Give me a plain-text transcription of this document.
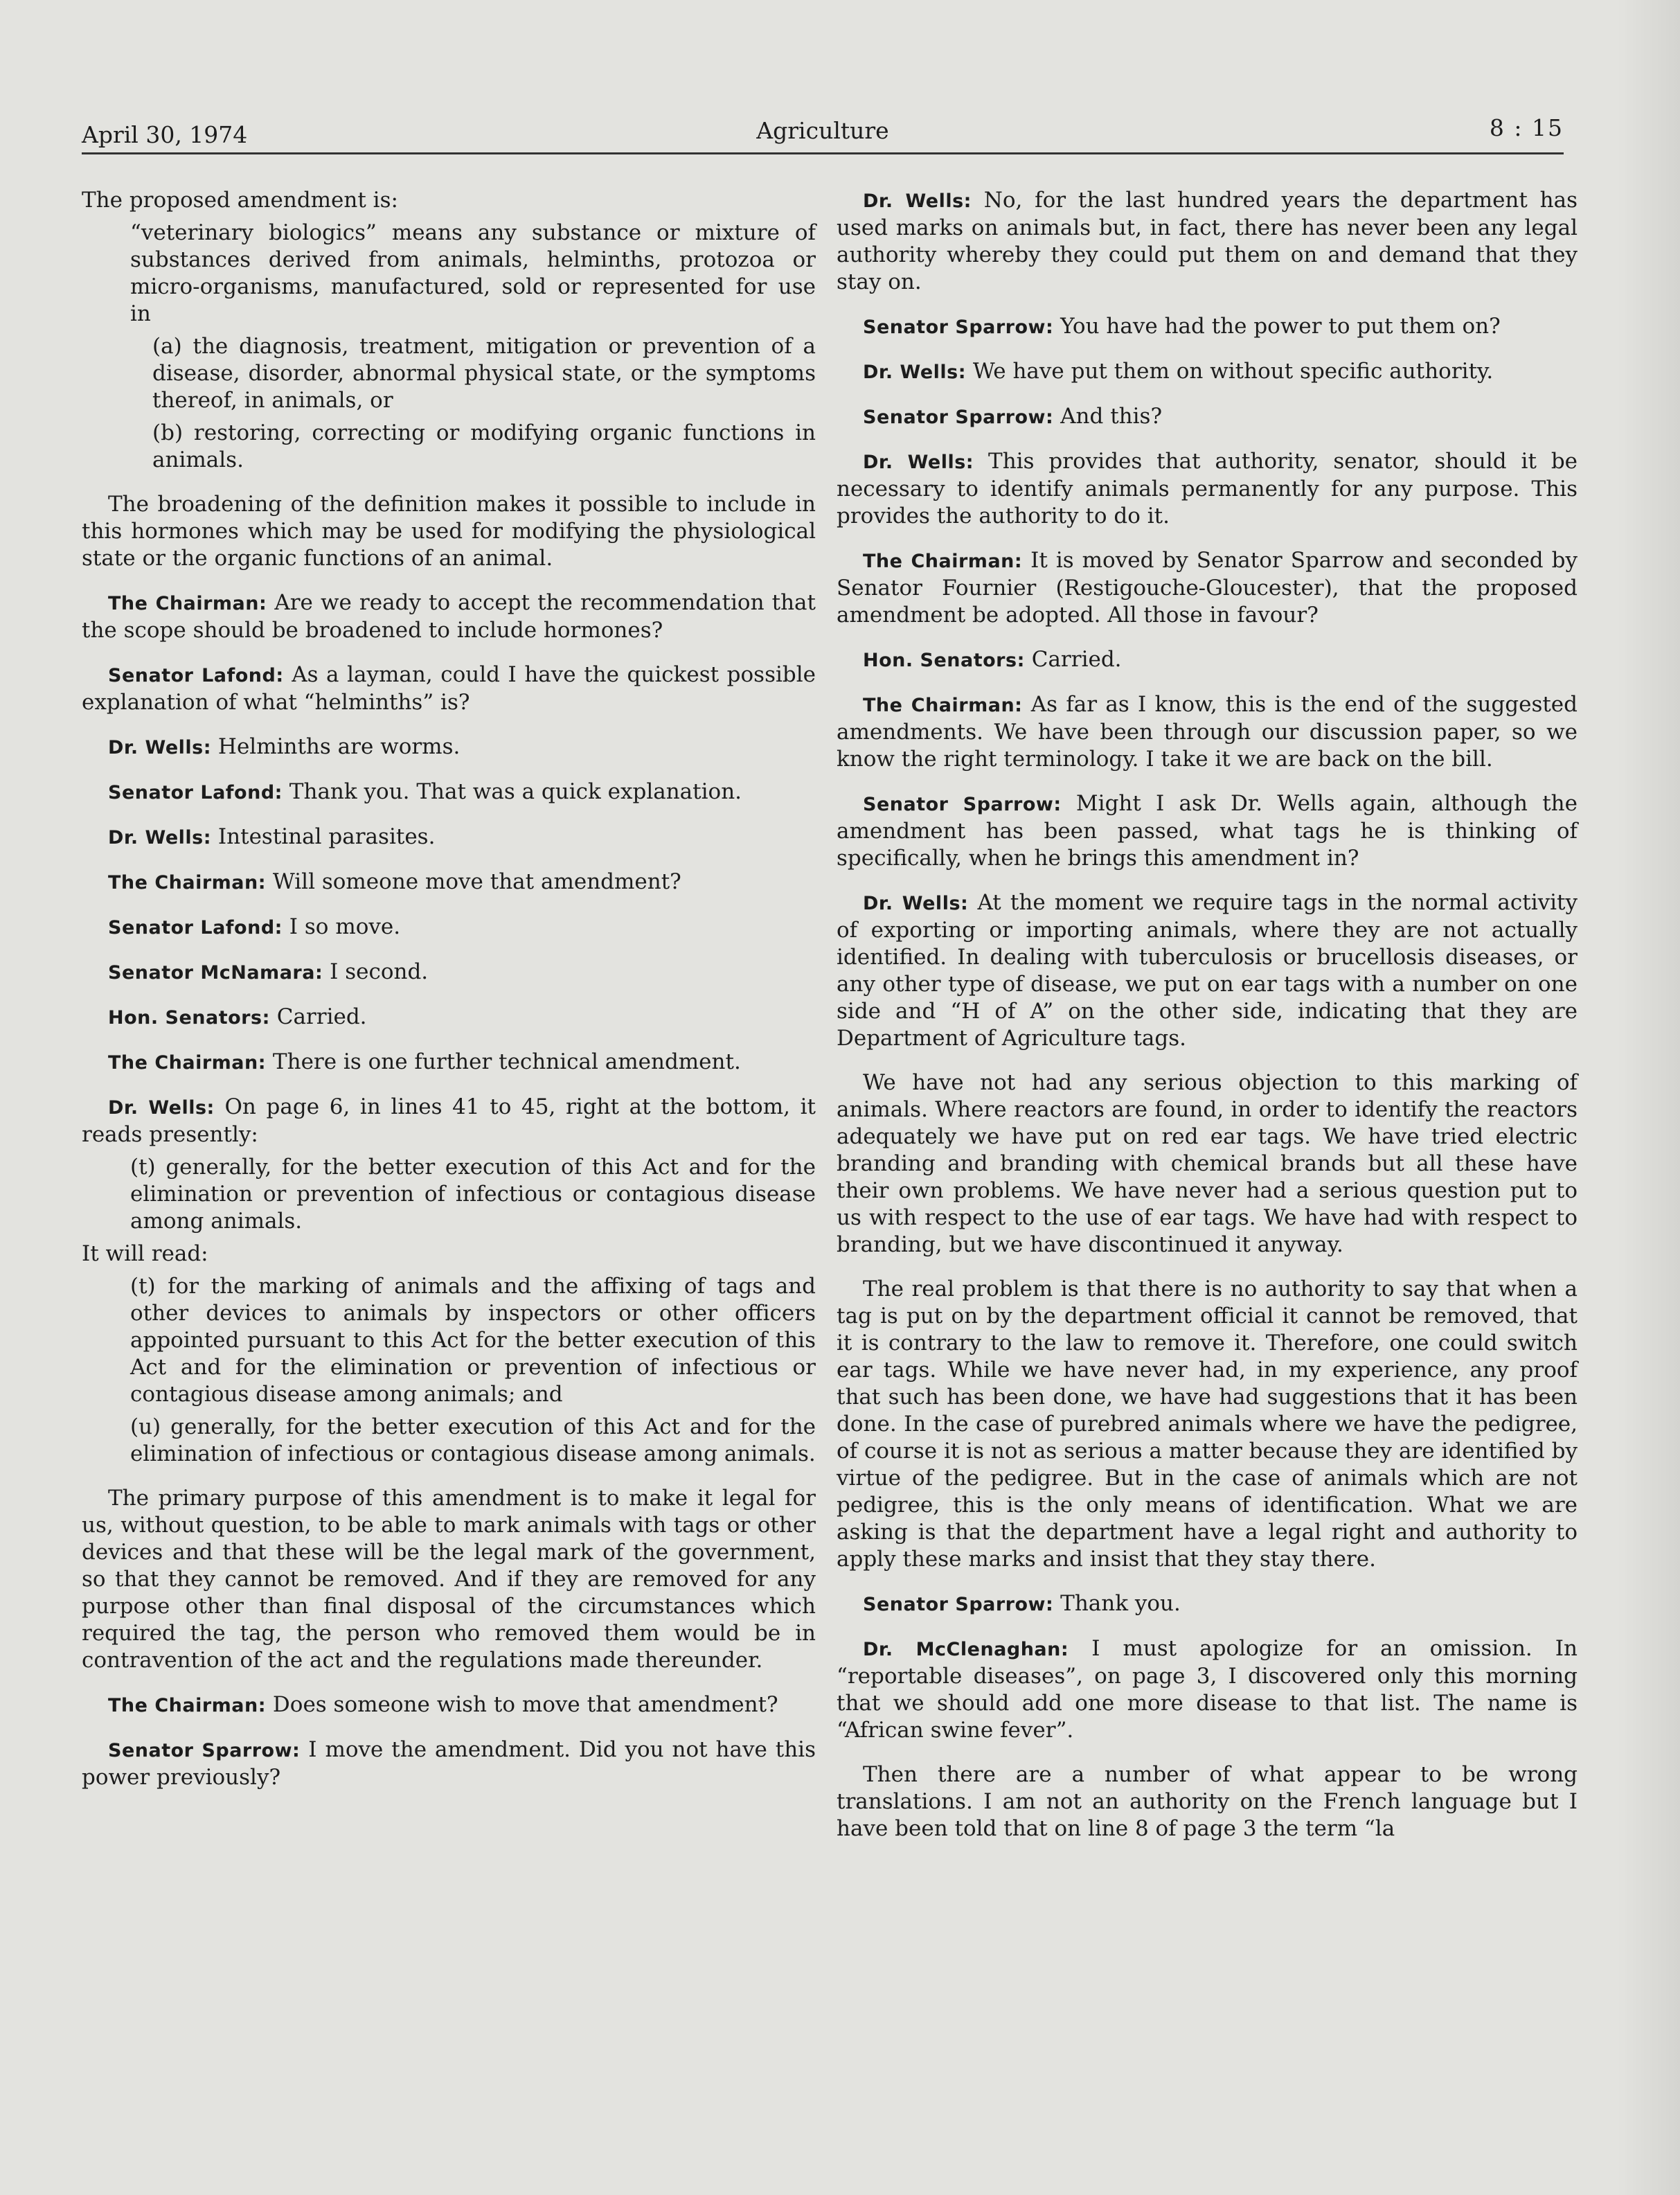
April 30, 1974	Agriculture	8 : 15

The proposed amendment is:

“veterinary biologics” means any substance or mixture of substances derived from animals, helminths, protozoa or micro-organisms, manufactured, sold or represented for use in

(a) the diagnosis, treatment, mitigation or prevention of a disease, disorder, abnormal physical state, or the symptoms thereof, in animals, or

(b) restoring, correcting or modifying organic functions in animals.

The broadening of the definition makes it possible to include in this hormones which may be used for modifying the physiological state or the organic functions of an animal.

The Chairman: Are we ready to accept the recommendation that the scope should be broadened to include hormones?

Senator Lafond: As a layman, could I have the quickest possible explanation of what “helminths” is?

Dr. Wells: Helminths are worms.

Senator Lafond: Thank you. That was a quick explanation.

Dr. Wells: Intestinal parasites.

The Chairman: Will someone move that amendment?

Senator Lafond: I so move.

Senator McNamara: I second.

Hon. Senators: Carried.

The Chairman: There is one further technical amendment.

Dr. Wells: On page 6, in lines 41 to 45, right at the bottom, it reads presently:

(t) generally, for the better execution of this Act and for the elimination or prevention of infectious or contagious disease among animals.

It will read:

(t) for the marking of animals and the affixing of tags and other devices to animals by inspectors or other officers appointed pursuant to this Act for the better execution of this Act and for the elimination or prevention of infectious or contagious disease among animals; and

(u) generally, for the better execution of this Act and for the elimination of infectious or contagious disease among animals.

The primary purpose of this amendment is to make it legal for us, without question, to be able to mark animals with tags or other devices and that these will be the legal mark of the government, so that they cannot be removed. And if they are removed for any purpose other than final disposal of the circumstances which required the tag, the person who removed them would be in contravention of the act and the regulations made thereunder.

The Chairman: Does someone wish to move that amendment?

Senator Sparrow: I move the amendment. Did you not have this power previously?

Dr. Wells: No, for the last hundred years the department has used marks on animals but, in fact, there has never been any legal authority whereby they could put them on and demand that they stay on.

Senator Sparrow: You have had the power to put them on?

Dr. Wells: We have put them on without specific authority.

Senator Sparrow: And this?

Dr. Wells: This provides that authority, senator, should it be necessary to identify animals permanently for any purpose. This provides the authority to do it.

The Chairman: It is moved by Senator Sparrow and seconded by Senator Fournier (Restigouche-Gloucester), that the proposed amendment be adopted. All those in favour?

Hon. Senators: Carried.

The Chairman: As far as I know, this is the end of the suggested amendments. We have been through our discussion paper, so we know the right terminology. I take it we are back on the bill.

Senator Sparrow: Might I ask Dr. Wells again, although the amendment has been passed, what tags he is thinking of specifically, when he brings this amendment in?

Dr. Wells: At the moment we require tags in the normal activity of exporting or importing animals, where they are not actually identified. In dealing with tuberculosis or brucellosis diseases, or any other type of disease, we put on ear tags with a number on one side and “H of A” on the other side, indicating that they are Department of Agriculture tags.

We have not had any serious objection to this marking of animals. Where reactors are found, in order to identify the reactors adequately we have put on red ear tags. We have tried electric branding and branding with chemical brands but all these have their own problems. We have never had a serious question put to us with respect to the use of ear tags. We have had with respect to branding, but we have discontinued it anyway.

The real problem is that there is no authority to say that when a tag is put on by the department official it cannot be removed, that it is contrary to the law to remove it. Therefore, one could switch ear tags. While we have never had, in my experience, any proof that such has been done, we have had suggestions that it has been done. In the case of purebred animals where we have the pedigree, of course it is not as serious a matter because they are identified by virtue of the pedigree. But in the case of animals which are not pedigree, this is the only means of identification. What we are asking is that the department have a legal right and authority to apply these marks and insist that they stay there.

Senator Sparrow: Thank you.

Dr. McClenaghan: I must apologize for an omission. In “reportable diseases”, on page 3, I discovered only this morning that we should add one more disease to that list. The name is “African swine fever”.

Then there are a number of what appear to be wrong translations. I am not an authority on the French language but I have been told that on line 8 of page 3 the term “la
